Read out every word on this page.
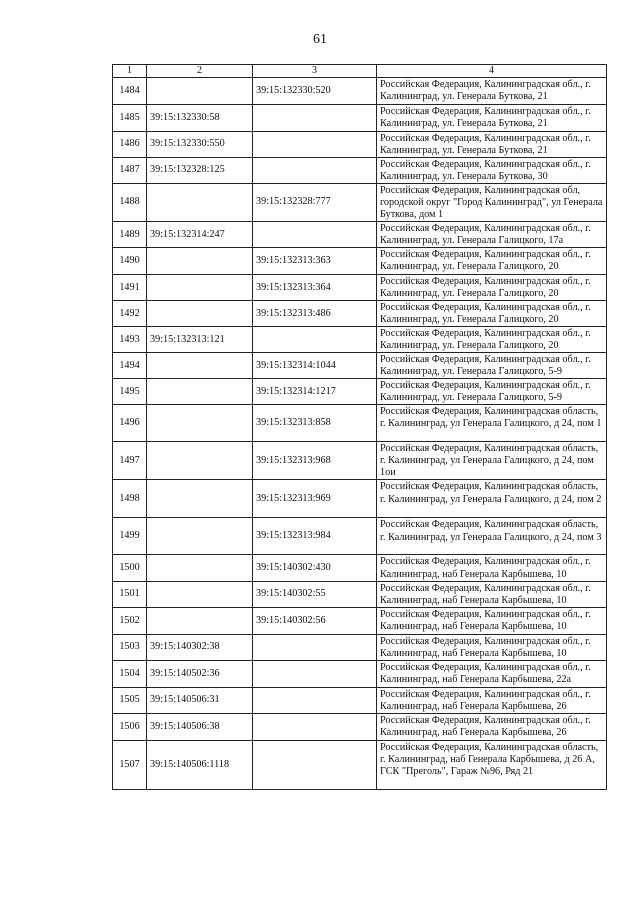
61
1	2	3	4
1484		39:15:132330:520	Российская Федерация, Калининградская обл., г. Калининград, ул. Генерала Буткова, 21
1485	39:15:132330:58		Российская Федерация, Калининградская обл., г. Калининград, ул. Генерала Буткова, 21
1486	39:15:132330:550		Российская Федерация, Калининградская обл., г. Калининград, ул. Генерала Буткова, 21
1487	39:15:132328:125		Российская Федерация, Калининградская обл., г. Калининград, ул. Генерала Буткова, 30
1488		39:15:132328:777	Российская Федерация, Калининградская обл, городской округ "Город Калининград", ул Генерала Буткова, дом 1
1489	39:15:132314:247		Российская Федерация, Калининградская обл., г. Калининград, ул. Генерала Галицкого, 17а
1490		39:15:132313:363	Российская Федерация, Калининградская обл., г. Калининград, ул. Генерала Галицкого, 20
1491		39:15:132313:364	Российская Федерация, Калининградская обл., г. Калининград, ул. Генерала Галицкого, 20
1492		39:15:132313:486	Российская Федерация, Калининградская обл., г. Калининград, ул. Генерала Галицкого, 20
1493	39:15:132313:121		Российская Федерация, Калининградская обл., г. Калининград, ул. Генерала Галицкого, 20
1494		39:15:132314:1044	Российская Федерация, Калининградская обл., г. Калининград, ул. Генерала Галицкого, 5-9
1495		39:15:132314:1217	Российская Федерация, Калининградская обл., г. Калининград, ул. Генерала Галицкого, 5-9
1496		39:15:132313:858	Российская Федерация, Калининградская область, г. Калининград, ул Генерала Галицкого, д 24, пом 1
1497		39:15:132313:968	Российская Федерация, Калининградская область, г. Калининград, ул Генерала Галицкого, д 24, пом 1ои
1498		39:15:132313:969	Российская Федерация, Калининградская область, г. Калининград, ул Генерала Галицкого, д 24, пом 2
1499		39:15:132313:984	Российская Федерация, Калининградская область, г. Калининград, ул Генерала Галицкого, д 24, пом 3
1500		39:15:140302:430	Российская Федерация, Калининградская обл., г. Калининград, наб Генерала Карбышева, 10
1501		39:15:140302:55	Российская Федерация, Калининградская обл., г. Калининград, наб Генерала Карбышева, 10
1502		39:15:140302:56	Российская Федерация, Калининградская обл., г. Калининград, наб Генерала Карбышева, 10
1503	39:15:140302:38		Российская Федерация, Калининградская обл., г. Калининград, наб Генерала Карбышева, 10
1504	39:15:140502:36		Российская Федерация, Калининградская обл., г. Калининград, наб Генерала Карбышева, 22а
1505	39:15:140506:31		Российская Федерация, Калининградская обл., г. Калининград, наб Генерала Карбышева, 26
1506	39:15:140506:38		Российская Федерация, Калининградская обл., г. Калининград, наб Генерала Карбышева, 26
1507	39:15:140506:1118		Российская Федерация, Калининградская область, г. Калининград, наб Генерала Карбышева, д 26 А, ГСК "Преголь", Гараж №96, Ряд 21
